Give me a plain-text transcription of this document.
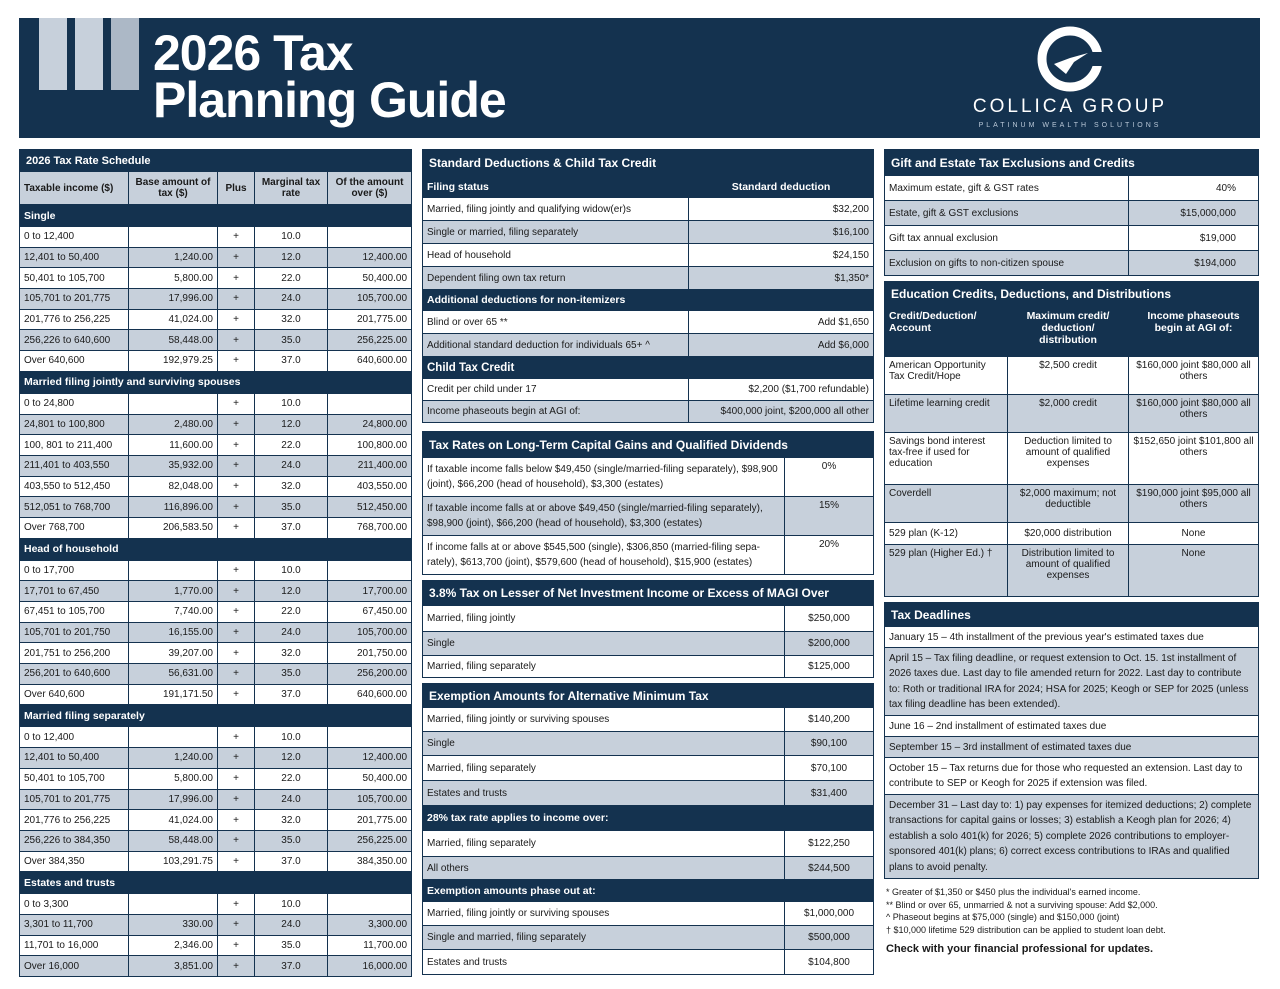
2026 Tax
Planning Guide	COLLICA GROUP
PLATINUM WEALTH SOLUTIONS
2026 Tax Rate Schedule				
Taxable income ($)	Base amount of tax ($)	Plus	Marginal tax rate	Of the amount over ($)
Single				
0 to 12,400		+	10.0	
12,401 to 50,400	1,240.00	+	12.0	12,400.00
50,401 to 105,700	5,800.00	+	22.0	50,400.00
105,701 to 201,775	17,996.00	+	24.0	105,700.00
201,776 to 256,225	41,024.00	+	32.0	201,775.00
256,226 to 640,600	58,448.00	+	35.0	256,225.00
Over 640,600	192,979.25	+	37.0	640,600.00
Married filing jointly and surviving spouses				
0 to 24,800		+	10.0	
24,801 to 100,800	2,480.00	+	12.0	24,800.00
100, 801 to 211,400	11,600.00	+	22.0	100,800.00
211,401 to 403,550	35,932.00	+	24.0	211,400.00
403,550 to 512,450	82,048.00	+	32.0	403,550.00
512,051 to 768,700	116,896.00	+	35.0	512,450.00
Over 768,700	206,583.50	+	37.0	768,700.00
Head of household				
0 to 17,700		+	10.0	
17,701 to 67,450	1,770.00	+	12.0	17,700.00
67,451 to 105,700	7,740.00	+	22.0	67,450.00
105,701 to 201,750	16,155.00	+	24.0	105,700.00
201,751 to 256,200	39,207.00	+	32.0	201,750.00
256,201 to 640,600	56,631.00	+	35.0	256,200.00
Over 640,600	191,171.50	+	37.0	640,600.00
Married filing separately				
0 to 12,400		+	10.0	
12,401 to 50,400	1,240.00	+	12.0	12,400.00
50,401 to 105,700	5,800.00	+	22.0	50,400.00
105,701 to 201,775	17,996.00	+	24.0	105,700.00
201,776 to 256,225	41,024.00	+	32.0	201,775.00
256,226 to 384,350	58,448.00	+	35.0	256,225.00
Over 384,350	103,291.75	+	37.0	384,350.00
Estates and trusts				
0 to 3,300		+	10.0	
3,301 to 11,700	330.00	+	24.0	3,300.00
11,701 to 16,000	2,346.00	+	35.0	11,700.00
Over 16,000	3,851.00	+	37.0	16,000.00
Standard Deductions & Child Tax Credit	
Filing status	Standard deduction
Married, filing jointly and qualifying widow(er)s	$32,200
Single or married, filing separately	$16,100
Head of household	$24,150
Dependent filing own tax return	$1,350*
Additional deductions for non-itemizers	
Blind or over 65 **	Add $1,650
Additional standard deduction for individuals 65+ ^	Add $6,000
Child Tax Credit	
Credit per child under 17	$2,200 ($1,700 refundable)
Income phaseouts begin at AGI of:	$400,000 joint, $200,000 all other
Tax Rates on Long-Term Capital Gains and Qualified Dividends	
If taxable income falls below $49,450 (single/married-filing separately), $98,900 (joint), $66,200 (head of household), $3,300 (estates)	0%
If taxable income falls at or above $49,450 (single/married-filing separately), $98,900 (joint), $66,200 (head of household), $3,300 (estates)	15%
If income falls at or above $545,500 (single), $306,850 (married-filing separately), $613,700 (joint), $579,600 (head of household), $15,900 (estates)	20%
3.8% Tax on Lesser of Net Investment Income or Excess of MAGI Over	
Married, filing jointly	$250,000
Single	$200,000
Married, filing separately	$125,000
Exemption Amounts for Alternative Minimum Tax	
Married, filing jointly or surviving spouses	$140,200
Single	$90,100
Married, filing separately	$70,100
Estates and trusts	$31,400
28% tax rate applies to income over:	
Married, filing separately	$122,250
All others	$244,500
Exemption amounts phase out at:	
Married, filing jointly or surviving spouses	$1,000,000
Single and married, filing separately	$500,000
Estates and trusts	$104,800
Gift and Estate Tax Exclusions and Credits	
Maximum estate, gift & GST rates	40%
Estate, gift & GST exclusions	$15,000,000
Gift tax annual exclusion	$19,000
Exclusion on gifts to non-citizen spouse	$194,000
Education Credits, Deductions, and Distributions		
Credit/Deduction/ Account	Maximum credit/ deduction/ distribution	Income phaseouts begin at AGI of:
American Opportunity Tax Credit/Hope	$2,500 credit	$160,000 joint $80,000 all others
Lifetime learning credit	$2,000 credit	$160,000 joint $80,000 all others
Savings bond interest tax-free if used for education	Deduction limited to amount of qualified expenses	$152,650 joint $101,800 all others
Coverdell	$2,000 maximum; not deductible	$190,000 joint $95,000 all others
529 plan (K-12)	$20,000 distribution	None
529 plan (Higher Ed.) †	Distribution limited to amount of qualified expenses	None
Tax Deadlines
January 15 – 4th installment of the previous year's estimated taxes due
April 15 – Tax filing deadline, or request extension to Oct. 15. 1st installment of 2026 taxes due. Last day to file amended return for 2022. Last day to contribute to: Roth or traditional IRA for 2024; HSA for 2025; Keogh or SEP for 2025 (unless tax filing deadline has been extended).
June 16 – 2nd installment of estimated taxes due
September 15 – 3rd installment of estimated taxes due
October 15 – Tax returns due for those who requested an extension. Last day to contribute to SEP or Keogh for 2025 if extension was filed.
December 31 – Last day to: 1) pay expenses for itemized deductions; 2) complete transactions for capital gains or losses; 3) establish a Keogh plan for 2026; 4) establish a solo 401(k) for 2026; 5) complete 2026 contributions to employer-sponsored 401(k) plans; 6) correct excess contributions to IRAs and qualified plans to avoid penalty.
* Greater of $1,350 or $450 plus the individual's earned income.
** Blind or over 65, unmarried & not a surviving spouse: Add $2,000.
^ Phaseout begins at $75,000 (single) and $150,000 (joint)
† $10,000 lifetime 529 distribution can be applied to student loan debt.
Check with your financial professional for updates.
